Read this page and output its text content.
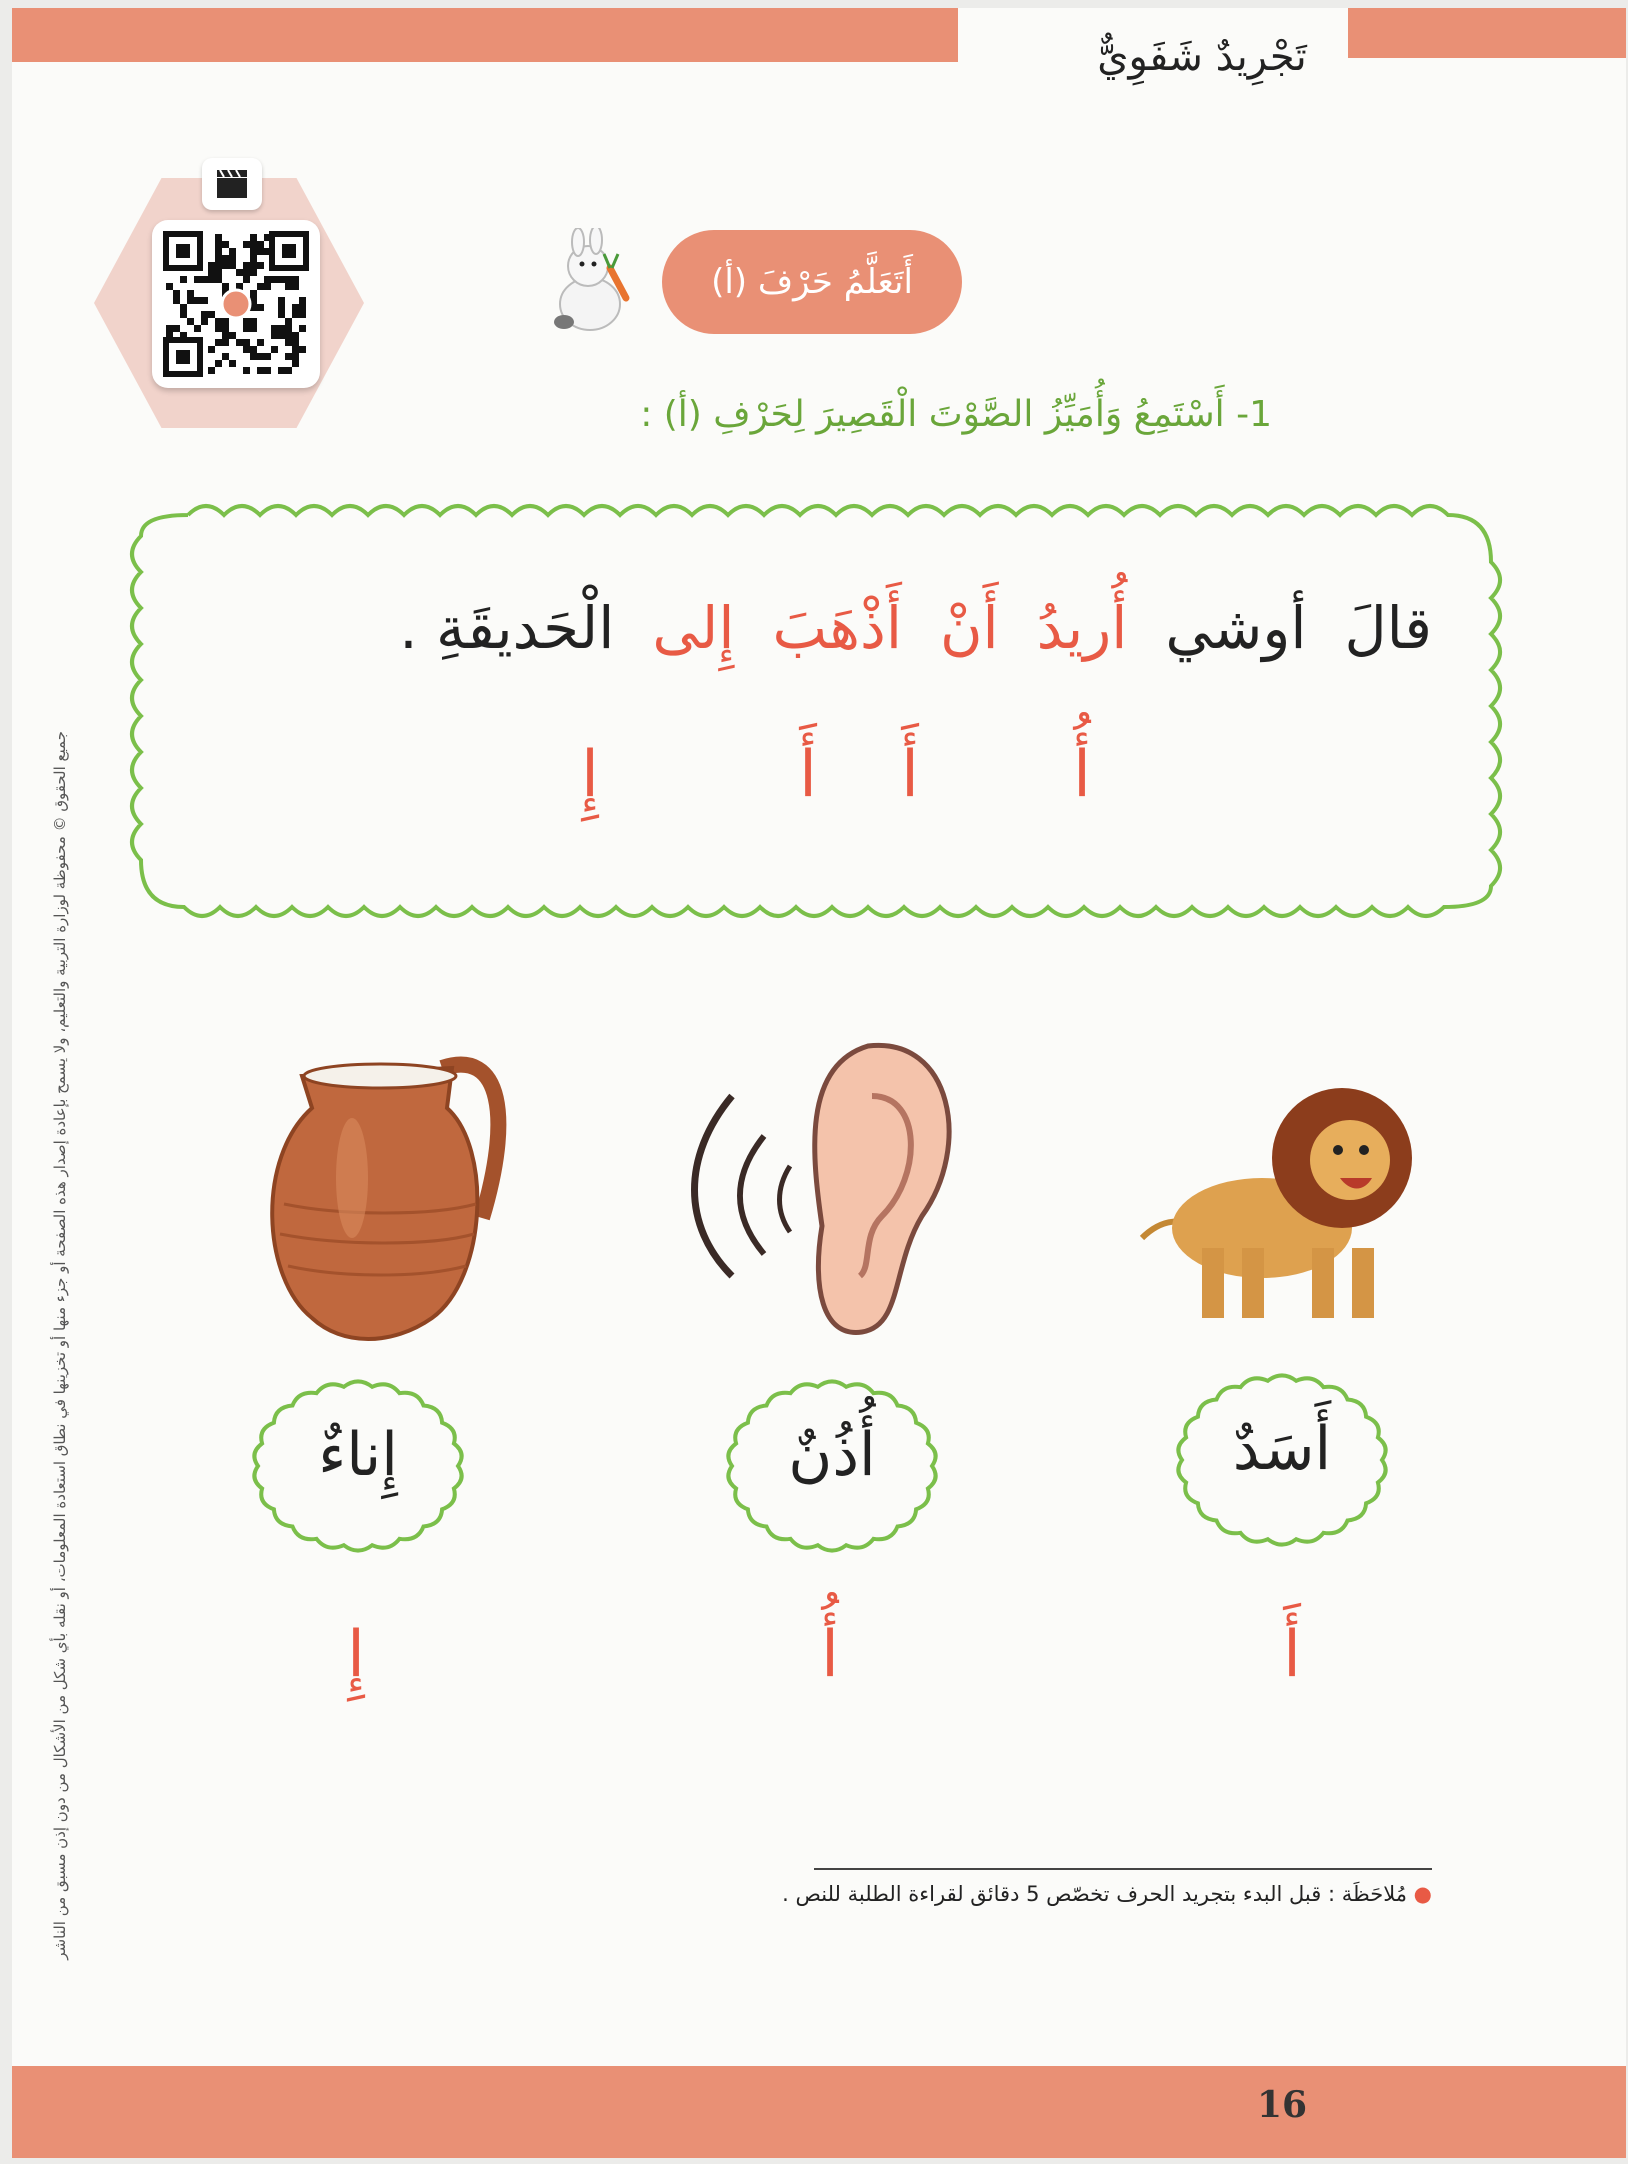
تَجْرِيدٌ شَفَوِيٌّ
جميع الحقوق © محفوظة لوزارة التربية والتعليم، ولا يسمح بإعادة إصدار هذه الصفحة أو جزء منها أو تخزينها في نطاق استعادة المعلومات، أو نقله بأي شكل من الأشكال من دون إذن مسبق من الناشر
أَتَعَلَّمُ حَرْفَ (أ)
1- أَسْتَمِعُ وَأُمَيِّزُ الصَّوْتَ الْقَصِيرَ لِحَرْفِ (أ) :
قالَ
أوشي
أُريدُ
أَنْ
أَذْهَبَ
إِلى
الْحَديقَةِ .
أُ
أَ
أَ
إِ
إِناءٌ	أُذُنٌ	أَسَدٌ
إِ	أُ	أَ
● مُلاحَظَة : قبل البدء بتجريد الحرف تخصّص 5 دقائق لقراءة الطلبة للنص .
16
